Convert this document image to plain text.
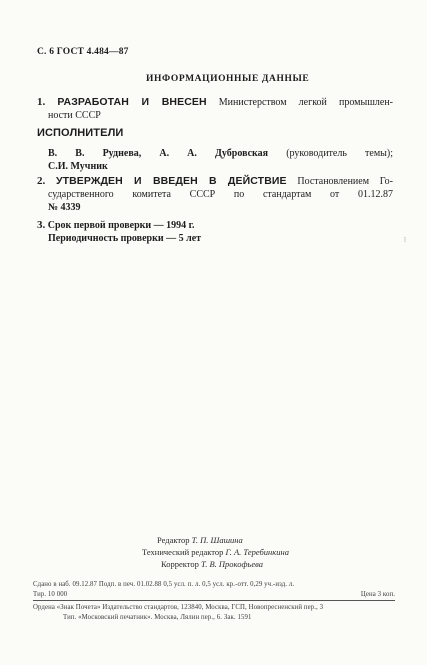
С. 6 ГОСТ 4.484—87
ИНФОРМАЦИОННЫЕ ДАННЫЕ
1. РАЗРАБОТАН И ВНЕСЕН Министерством легкой промышлен-
ности СССР
ИСПОЛНИТЕЛИ
В. В. Руднева, А. А. Дубровская (руководитель темы);
С.И. Мучник
2. УТВЕРЖДЕН И ВВЕДЕН В ДЕЙСТВИЕ Постановлением Го-
сударственного комитета СССР по стандартам от 01.12.87
№ 4339
3. Срок первой проверки — 1994 г.
Периодичность проверки — 5 лет	⁞
Редактор Т. П. Шашина
Технический редактор Г. А. Теребинкина
Корректор Т. В. Прокофьева
Сдано в наб. 09.12.87 Подп. в печ. 01.02.88 0,5 усл. п. л. 0,5 усл. кр.-отт. 0,29 уч.-изд. л.
Тир. 10 000	Цена 3 коп.
Ордена «Знак Почета» Издательство стандартов, 123840, Москва, ГСП, Новопресненский пер., 3
Тип. «Московский печатник». Москва, Лялин пер., 6. Зак. 1591
